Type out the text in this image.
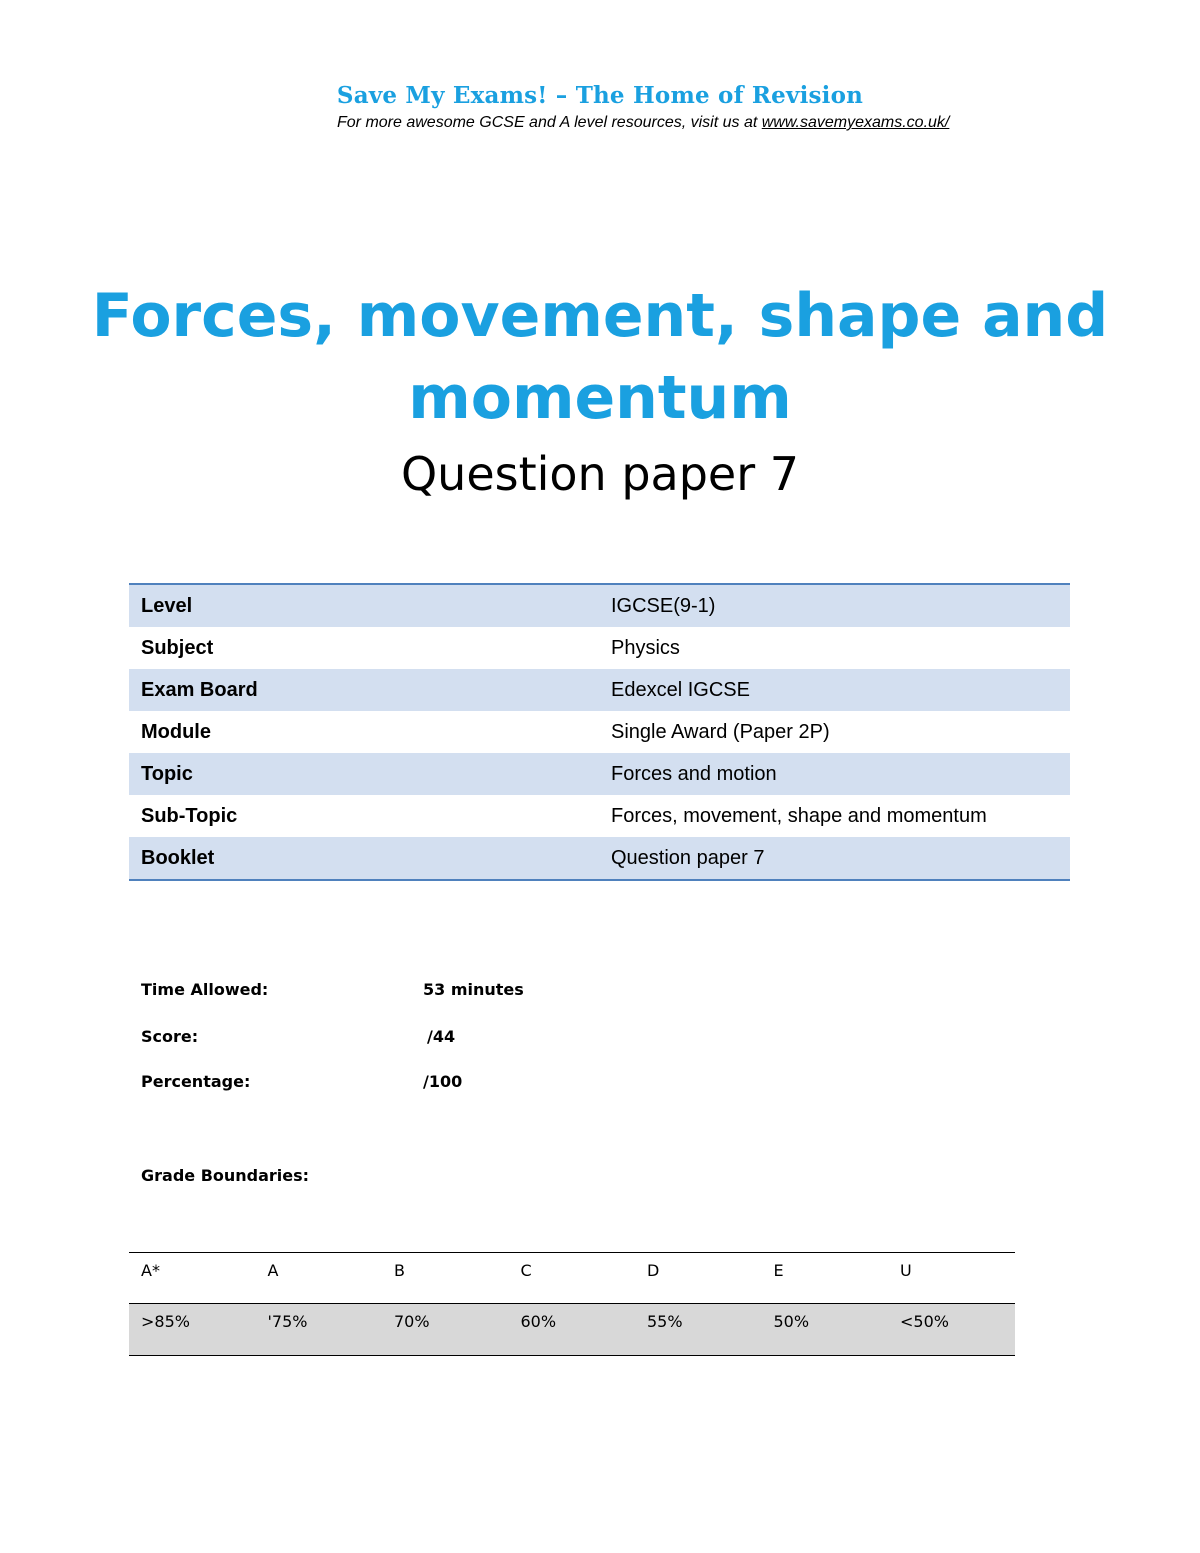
Save My Exams! – The Home of Revision
For more awesome GCSE and A level resources, visit us at www.savemyexams.co.uk/
Forces, movement, shape and
momentum
Question paper 7
Level	IGCSE(9-1)
Subject	Physics
Exam Board	Edexcel IGCSE
Module	Single Award (Paper 2P)
Topic	Forces and motion
Sub-Topic	Forces, movement, shape and momentum
Booklet	Question paper 7
Time Allowed:	53 minutes
Score:	/44
Percentage:	/100
Grade Boundaries:
A*	A	B	C	D	E	U
>85%	'75%	70%	60%	55%	50%	<50%
